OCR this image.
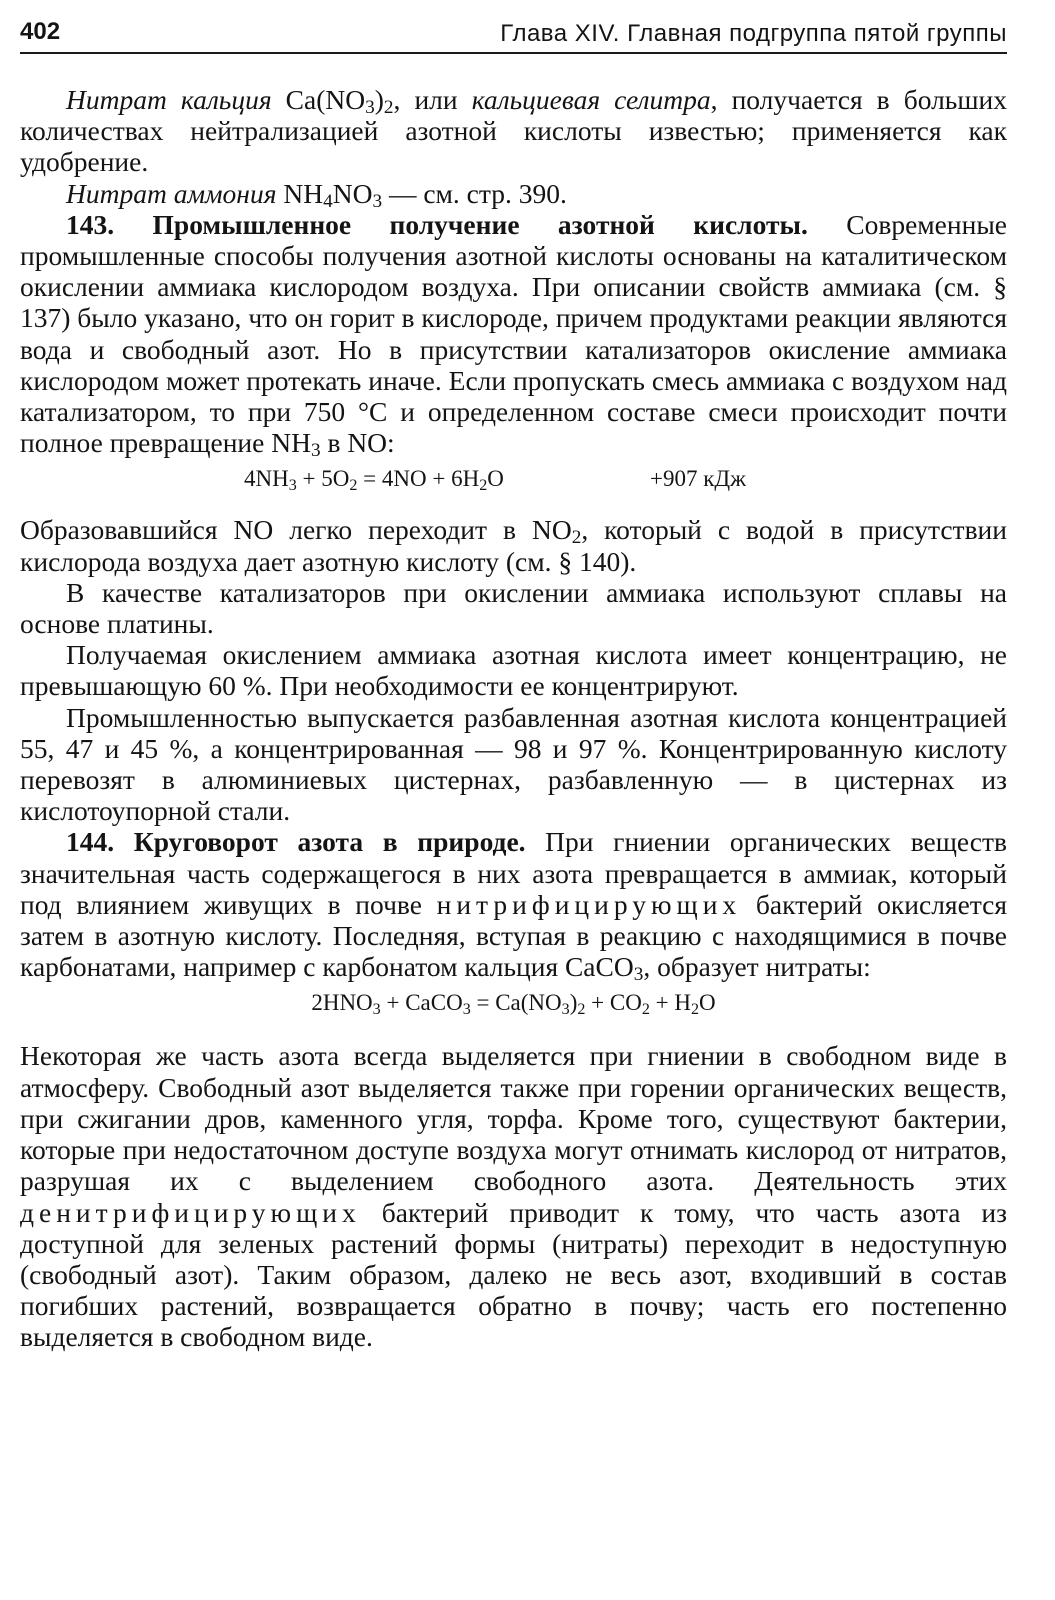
402	Глава XIV. Главная подгруппа пятой группы

Нитрат кальция $Ca(NO_3)_2$, или кальциевая селитра, получается в больших количествах нейтрализацией азотной кислоты известью; применяется как удобрение.

Нитрат аммония $NH_4NO_3$ — см. стр. 390.

143. Промышленное получение азотной кислоты. Современные промышленные способы получения азотной кислоты основаны на каталитическом окислении аммиака кислородом воздуха. При описании свойств аммиака (см. § 137) было указано, что он горит в кислороде, причем продуктами реакции являются вода и свободный азот. Но в присутствии катализаторов окисление аммиака кислородом может протекать иначе. Если пропускать смесь аммиака с воздухом над катализатором, то при 750 °С и определенном составе смеси происходит почти полное превращение $NH_3$ в NO:

$4NH_3 + 5O_2 = 4NO + 6H_2O$	+907 кДж

Образовавшийся NO легко переходит в $NO_2$, который с водой в присутствии кислорода воздуха дает азотную кислоту (см. § 140).

В качестве катализаторов при окислении аммиака используют сплавы на основе платины.

Получаемая окислением аммиака азотная кислота имеет концентрацию, не превышающую 60 %. При необходимости ее концентрируют.

Промышленностью выпускается разбавленная азотная кислота концентрацией 55, 47 и 45 %, а концентрированная — 98 и 97 %. Концентрированную кислоту перевозят в алюминиевых цистернах, разбавленную — в цистернах из кислотоупорной стали.

144. Круговорот азота в природе. При гниении органических веществ значительная часть содержащегося в них азота превращается в аммиак, который под влиянием живущих в почве нитрифицирующих бактерий окисляется затем в азотную кислоту. Последняя, вступая в реакцию с находящимися в почве карбонатами, например с карбонатом кальция CaCO$_3$, образует нитраты:

$2HNO_3$ + CaCO$_3$ = $Ca(NO_3)_2 + CO_2 + H_2O$

Некоторая же часть азота всегда выделяется при гниении в свободном виде в атмосферу. Свободный азот выделяется также при горении органических веществ, при сжигании дров, каменного угля, торфа. Кроме того, существуют бактерии, которые при недостаточном доступе воздуха могут отнимать кислород от нитратов, разрушая их с выделением свободного азота. Деятельность этих денитрифицирующих бактерий приводит к тому, что часть азота из доступной для зеленых растений формы (нитраты) переходит в недоступную (свободный азот). Таким образом, далеко не весь азот, входивший в состав погибших растений, возвращается обратно в почву; часть его постепенно выделяется в свободном виде.
